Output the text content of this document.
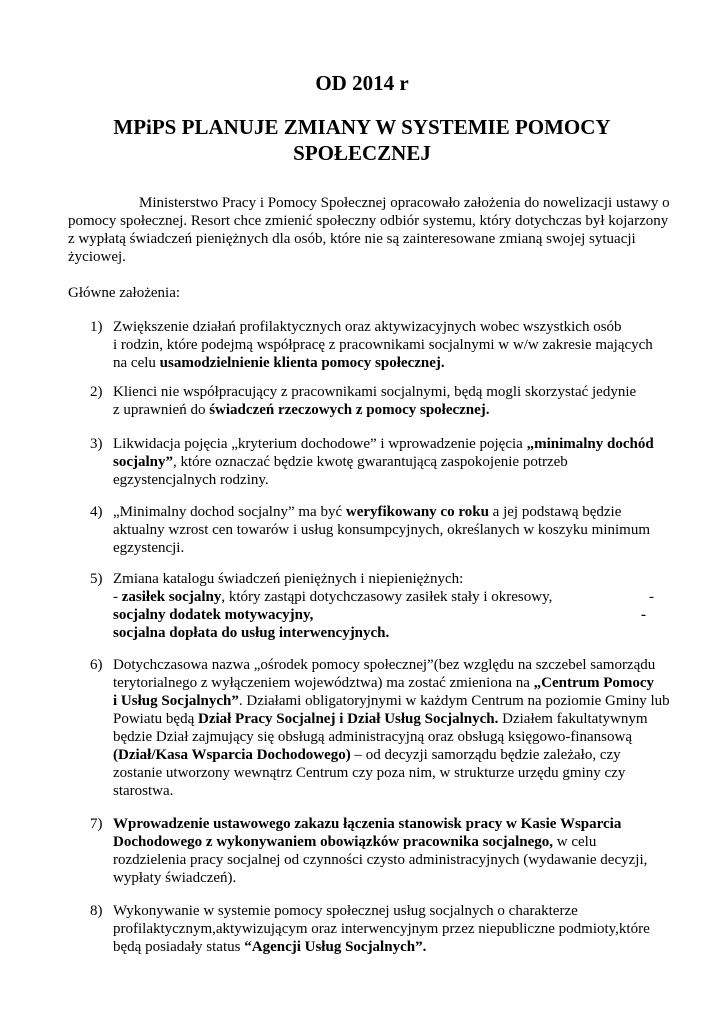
OD 2014 r
MPiPS PLANUJE ZMIANY W SYSTEMIE POMOCY
SPOŁECZNEJ
Ministerstwo Pracy i Pomocy Społecznej opracowało założenia do nowelizacji ustawy o
pomocy społecznej. Resort chce zmienić społeczny odbiór systemu, który dotychczas był kojarzony
z wypłatą świadczeń pieniężnych dla osób, które nie są zainteresowane zmianą swojej sytuacji
życiowej.
Główne założenia:
1) Zwiększenie działań profilaktycznych oraz aktywizacyjnych wobec wszystkich osób
i rodzin, które podejmą współpracę z pracownikami socjalnymi w w/w zakresie mających
na celu usamodzielnienie klienta pomocy społecznej.
2) Klienci nie współpracujący z pracownikami socjalnymi, będą mogli skorzystać jedynie
z uprawnień do świadczeń rzeczowych z pomocy społecznej.
3) Likwidacja pojęcia „kryterium dochodowe” i wprowadzenie pojęcia „minimalny dochód
socjalny”, które oznaczać będzie kwotę gwarantującą zaspokojenie potrzeb
egzystencjalnych rodziny.
4) „Minimalny dochod socjalny” ma być weryfikowany co roku a jej podstawą będzie
aktualny wzrost cen towarów i usług konsumpcyjnych, określanych w koszyku minimum
egzystencji.
5) Zmiana katalogu świadczeń pieniężnych i niepieniężnych:
- zasiłek socjalny, który zastąpi dotychczasowy zasiłek stały i okresowy,	-
socjalny dodatek motywacyjny,	-
socjalna dopłata do usług interwencyjnych.
6) Dotychczasowa nazwa „ośrodek pomocy społecznej”(bez względu na szczebel samorządu
terytorialnego z wyłączeniem województwa) ma zostać zmieniona na „Centrum Pomocy
i Usług Socjalnych”. Działami obligatoryjnymi w każdym Centrum na poziomie Gminy lub
Powiatu będą Dział Pracy Socjalnej i Dział Usług Socjalnych. Działem fakultatywnym
będzie Dział zajmujący się obsługą administracyjną oraz obsługą księgowo-finansową
(Dział/Kasa Wsparcia Dochodowego) – od decyzji samorządu będzie zależało, czy
zostanie utworzony wewnątrz Centrum czy poza nim, w strukturze urzędu gminy czy
starostwa.
7) Wprowadzenie ustawowego zakazu łączenia stanowisk pracy w Kasie Wsparcia
Dochodowego z wykonywaniem obowiązków pracownika socjalnego, w celu
rozdzielenia pracy socjalnej od czynności czysto administracyjnych (wydawanie decyzji,
wypłaty świadczeń).
8) Wykonywanie w systemie pomocy społecznej usług socjalnych o charakterze
profilaktycznym,aktywizującym oraz interwencyjnym przez niepubliczne podmioty,które
będą posiadały status “Agencji Usług Socjalnych”.
